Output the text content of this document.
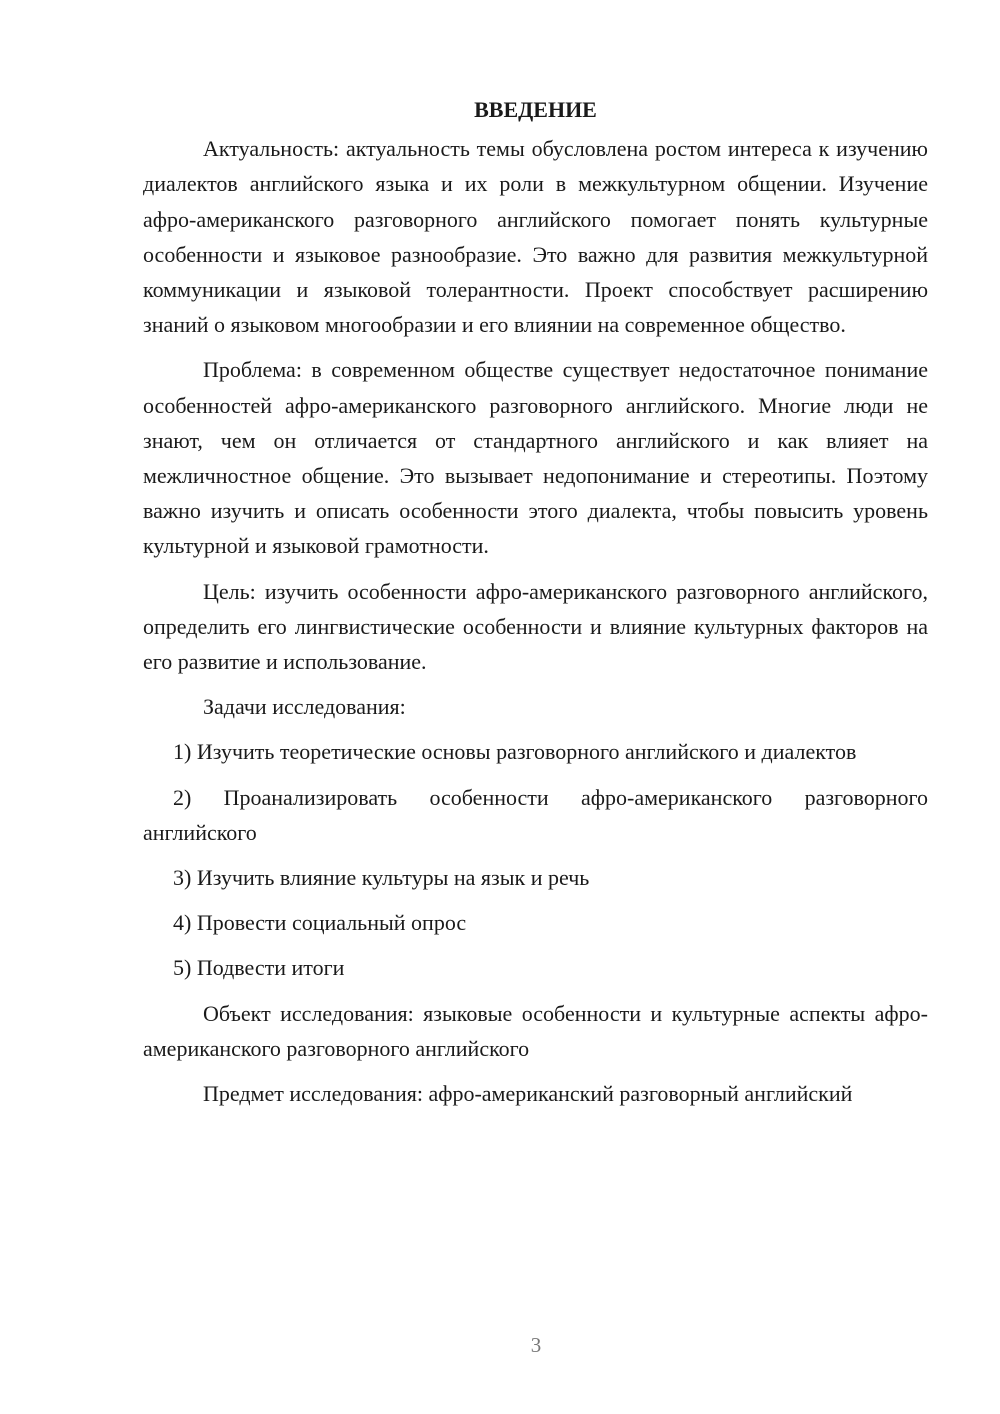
ВВЕДЕНИЕ

Актуальность: актуальность темы обусловлена ростом интереса к изучению диалектов английского языка и их роли в межкультурном общении. Изучение афро-американского разговорного английского помогает понять культурные особенности и языковое разнообразие. Это важно для развития межкультурной коммуникации и языковой толерантности. Проект способствует расширению знаний о языковом многообразии и его влиянии на современное общество.

Проблема: в современном обществе существует недостаточное понимание особенностей афро-американского разговорного английского. Многие люди не знают, чем он отличается от стандартного английского и как влияет на межличностное общение. Это вызывает недопонимание и стереотипы. Поэтому важно изучить и описать особенности этого диалекта, чтобы повысить уровень культурной и языковой грамотности.

Цель: изучить особенности афро-американского разговорного английского, определить его лингвистические особенности и влияние культурных факторов на его развитие и использование.

Задачи исследования:

1) Изучить теоретические основы разговорного английского и диалектов

2) Проанализировать особенности афро-американского разговорного английского

3) Изучить влияние культуры на язык и речь

4) Провести социальный опрос

5) Подвести итоги

Объект исследования: языковые особенности и культурные аспекты афро-американского разговорного английского

Предмет исследования: афро-американский разговорный английский

3
